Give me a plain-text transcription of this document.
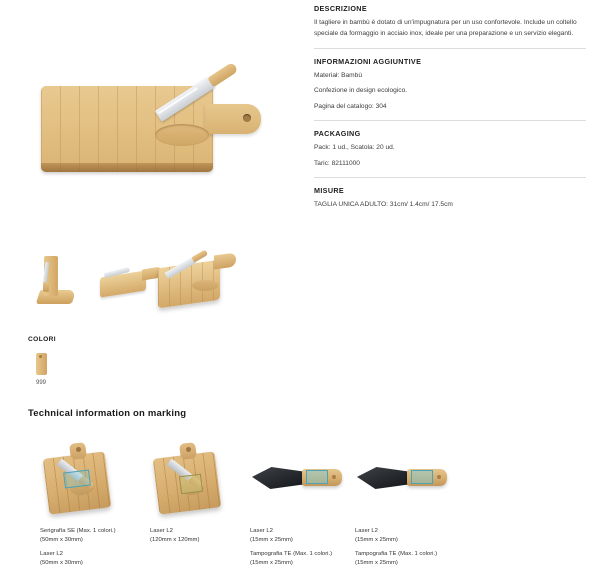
DESCRIZIONE

Il tagliere in bambù é dotato di un'impugnatura per un uso confortevole. Include un coltello speciale da formaggio in acciaio inox, ideale per una preparazione e un servizio eleganti.

INFORMAZIONI AGGIUNTIVE

Materiał: Bambù

Confezione in design ecologico.

Pagina del catalogo: 304

PACKAGING

Pack: 1 ud., Scatola: 20 ud.

Taric: 82111000

MISURE

TAGLIA UNICA ADULTO: 31cm/ 1.4cm/ 17.5cm

COLORI
999
Technical information on marking
Serigrafía SE (Max. 1 colori.)
(50mm x 30mm)
Laser L2
(50mm x 30mm)
Laser L2
(120mm x 120mm)
Laser L2
(15mm x 25mm)
Tampografia TE (Max. 1 colori.)
(15mm x 25mm)
Laser L2
(15mm x 25mm)
Tampografia TE (Max. 1 colori.)
(15mm x 25mm)
